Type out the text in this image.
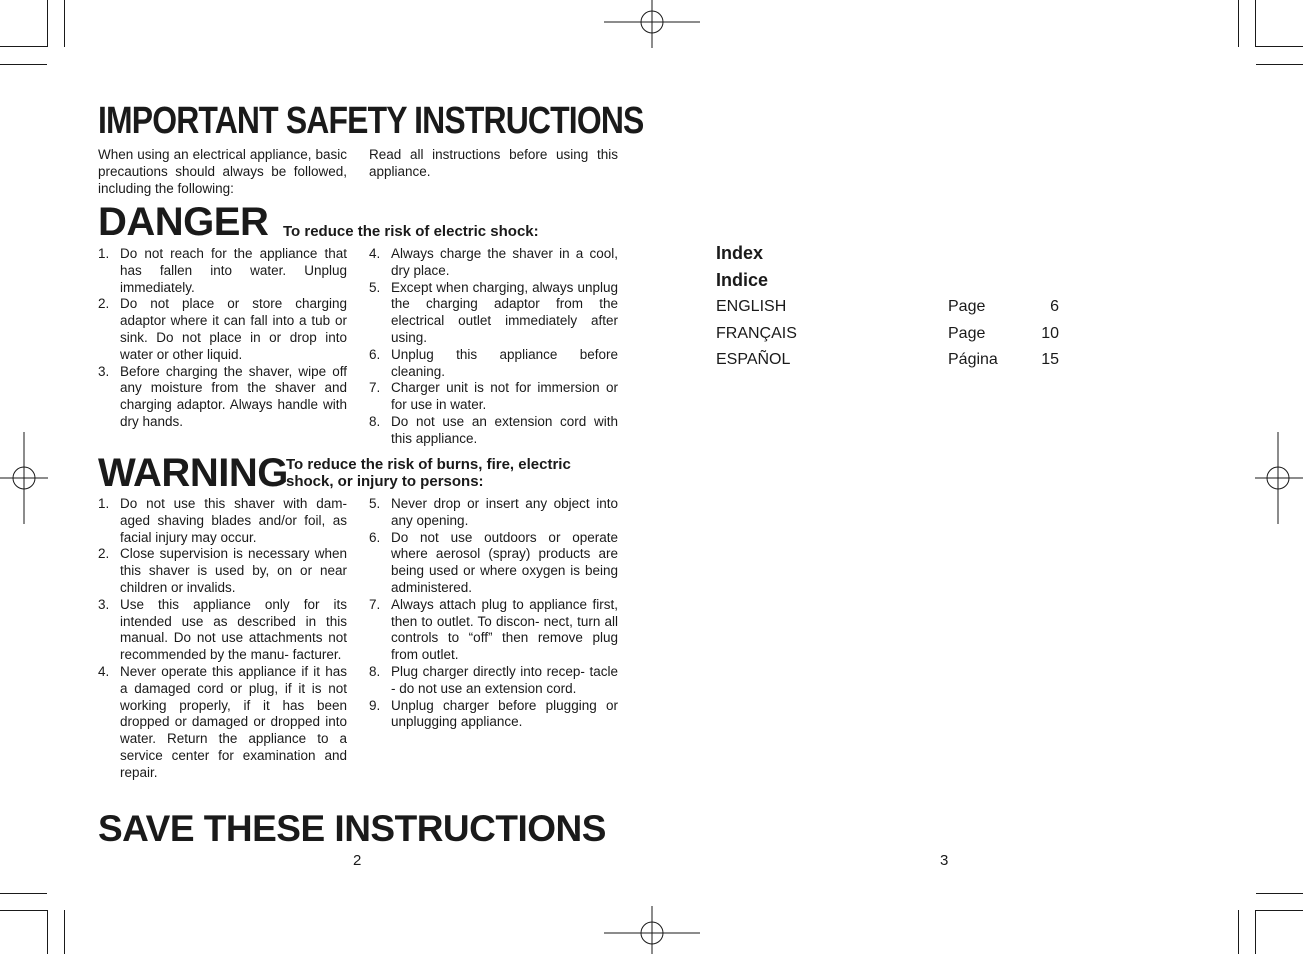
IMPORTANT SAFETY INSTRUCTIONS

When using an electrical appliance, basic precautions should always be followed, including the following:

Read all instructions before using this appliance.

DANGER To reduce the risk of electric shock:

1. Do not reach for the appliance that has fallen into water. Unplug immediately.
2. Do not place or store charging adaptor where it can fall into a tub or sink. Do not place in or drop into water or other liquid.
3. Before charging the shaver, wipe off any moisture from the shaver and charging adaptor. Always handle with dry hands.
4. Always charge the shaver in a cool, dry place.
5. Except when charging, always unplug the charging adaptor from the electrical outlet immediately after using.
6. Unplug this appliance before cleaning.
7. Charger unit is not for immersion or for use in water.
8. Do not use an extension cord with this appliance.
WARNING

To reduce the risk of burns, fire, electric
shock, or injury to persons:

1. Do not use this shaver with dam- aged shaving blades and/or foil, as facial injury may occur.
2. Close supervision is necessary when this shaver is used by, on or near children or invalids.
3. Use this appliance only for its intended use as described in this manual. Do not use attachments not recommended by the manu- facturer.
4. Never operate this appliance if it has a damaged cord or plug, if it is not working properly, if it has been dropped or damaged or dropped into water. Return the appliance to a service center for examination and repair.
5. Never drop or insert any object into any opening.
6. Do not use outdoors or operate where aerosol (spray) products are being used or where oxygen is being administered.
7. Always attach plug to appliance first, then to outlet. To discon- nect, turn all controls to “off” then remove plug from outlet.
8. Plug charger directly into recep- tacle - do not use an extension cord.
9. Unplug charger before plugging or unplugging appliance.
SAVE THESE INSTRUCTIONS
2
Index
Indice
ENGLISH	Page	6
FRANÇAIS	Page	10
ESPAÑOL	Página	15
3
